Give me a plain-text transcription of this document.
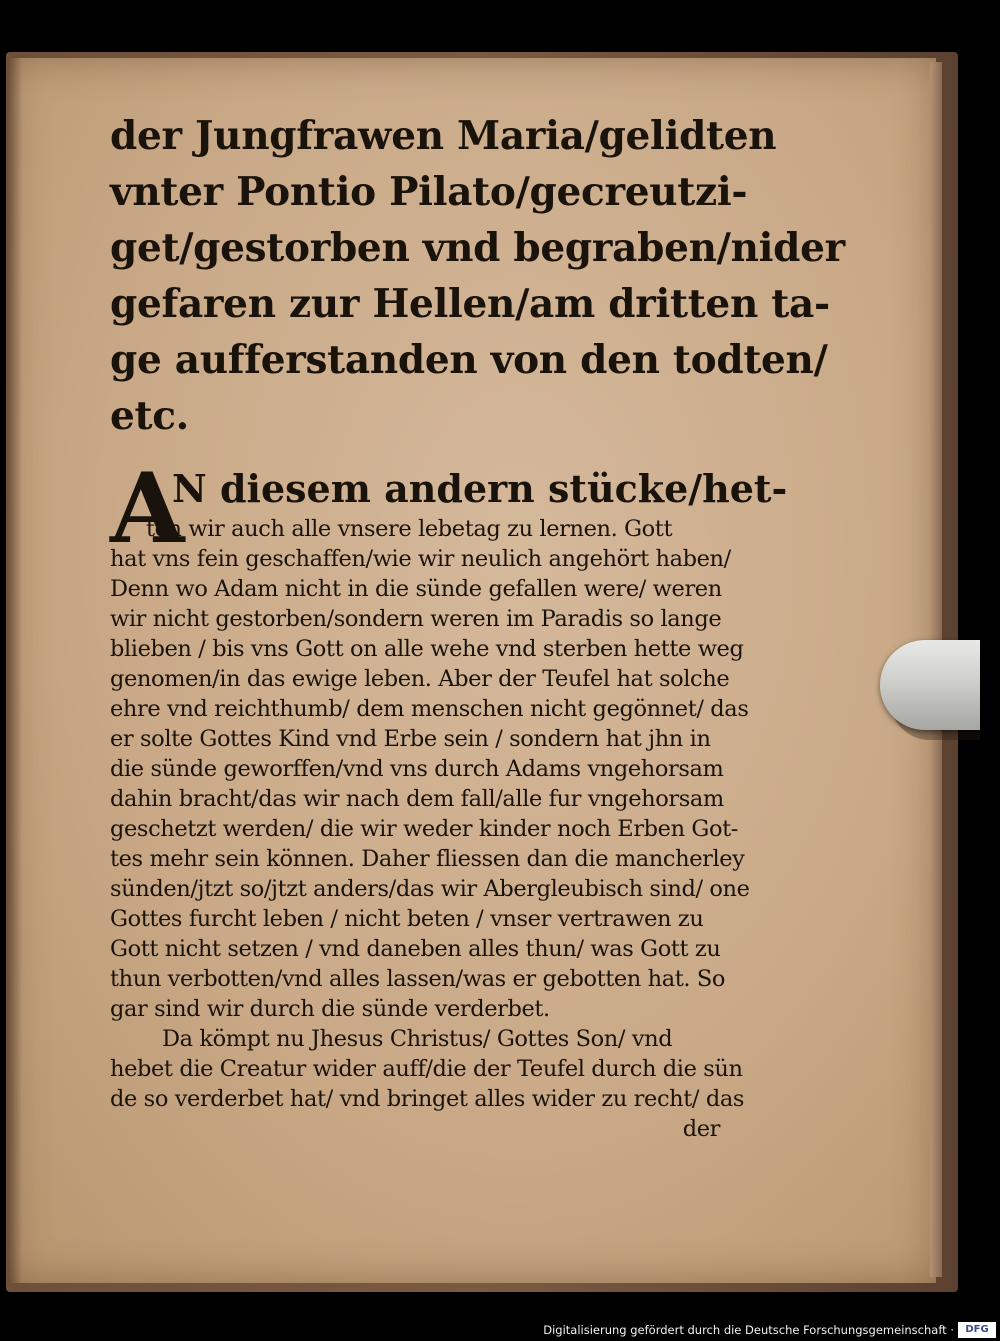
der Jungfrawen Maria/gelidten
vnter Pontio Pilato/gecreutzi-
get/gestorben vnd begraben/nider
gefaren zur Hellen/am dritten ta-
ge aufferstanden von den todten/
etc.
A
N diesem andern stücke/het-
ten wir auch alle vnsere lebetag zu lernen. Gott
hat vns fein geschaffen/wie wir neulich angehört haben/
Denn wo Adam nicht in die sünde gefallen were/ weren
wir nicht gestorben/sondern weren im Paradis so lange
blieben / bis vns Gott on alle wehe vnd sterben hette weg
genomen/in das ewige leben. Aber der Teufel hat solche
ehre vnd reichthumb/ dem menschen nicht gegönnet/ das
er solte Gottes Kind vnd Erbe sein / sondern hat jhn in
die sünde geworffen/vnd vns durch Adams vngehorsam
dahin bracht/das wir nach dem fall/alle fur vngehorsam
geschetzt werden/ die wir weder kinder noch Erben Got-
tes mehr sein können. Daher fliessen dan die mancherley
sünden/jtzt so/jtzt anders/das wir Abergleubisch sind/ one
Gottes furcht leben / nicht beten / vnser vertrawen zu
Gott nicht setzen / vnd daneben alles thun/ was Gott zu
thun verbotten/vnd alles lassen/was er gebotten hat. So
gar sind wir durch die sünde verderbet.
Da kömpt nu Jhesus Christus/ Gottes Son/ vnd
hebet die Creatur wider auff/die der Teufel durch die sün
de so verderbet hat/ vnd bringet alles wider zu recht/ das
der
Digitalisierung gefördert durch die Deutsche Forschungsgemeinschaft ·	DFG
